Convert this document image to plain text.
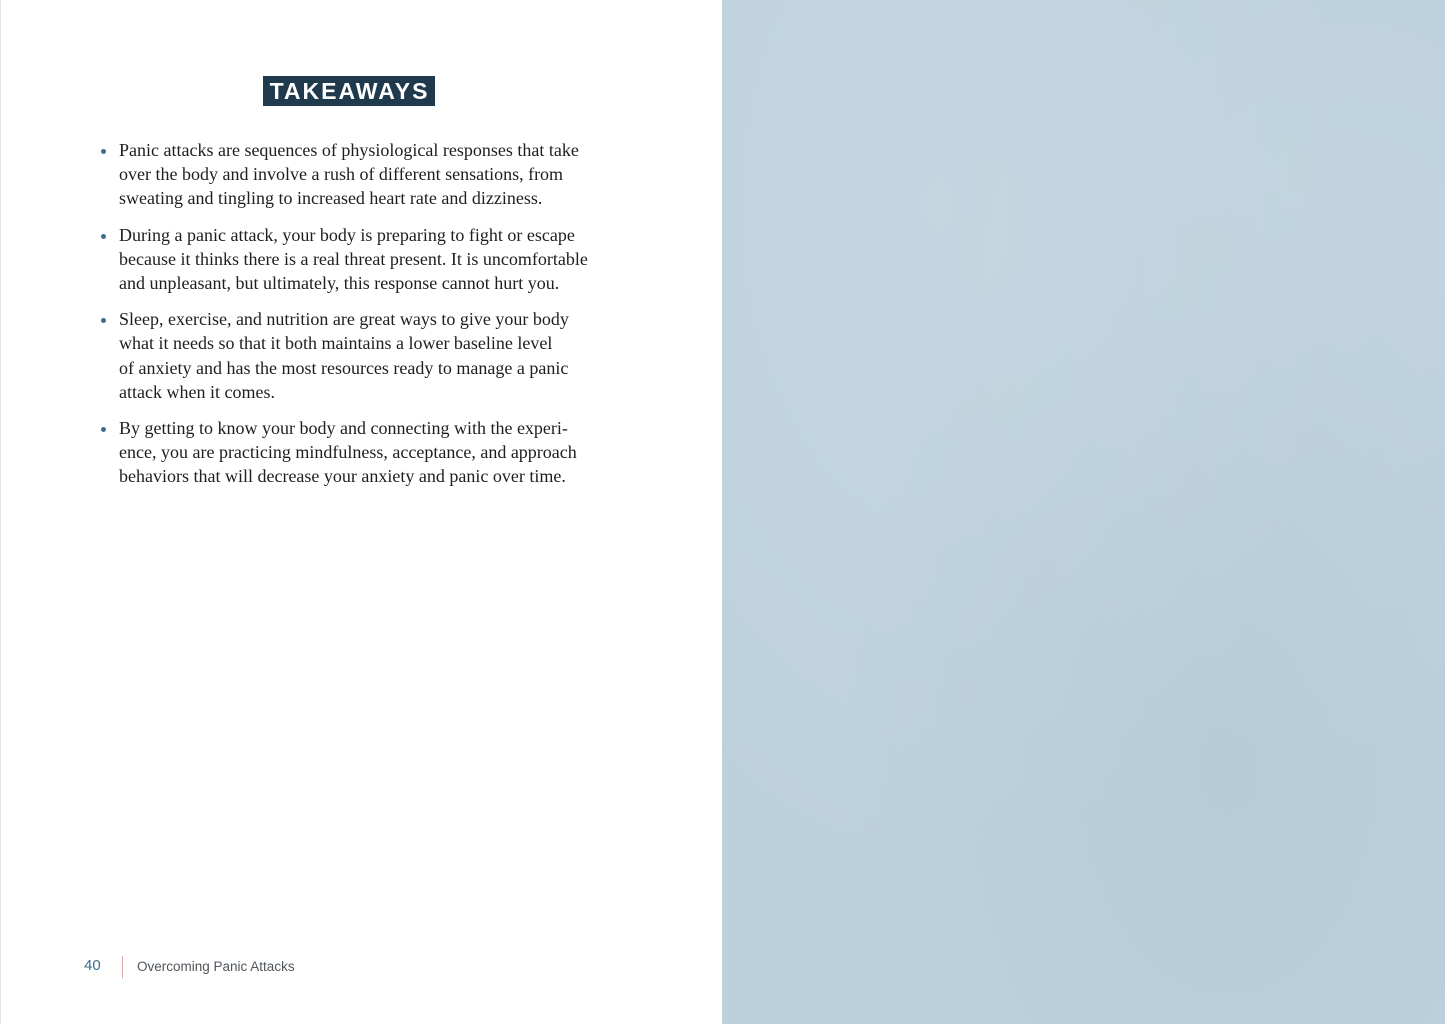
TAKEAWAYS
Panic attacks are sequences of physiological responses that take
over the body and involve a rush of different sensations, from
sweating and tingling to increased heart rate and dizziness.
During a panic attack, your body is preparing to fight or escape
because it thinks there is a real threat present. It is uncomfortable
and unpleasant, but ultimately, this response cannot hurt you.
Sleep, exercise, and nutrition are great ways to give your body
what it needs so that it both maintains a lower baseline level
of anxiety and has the most resources ready to manage a panic
attack when it comes.
By getting to know your body and connecting with the experi-
ence, you are practicing mindfulness, acceptance, and approach
behaviors that will decrease your anxiety and panic over time.
40	Overcoming Panic Attacks
